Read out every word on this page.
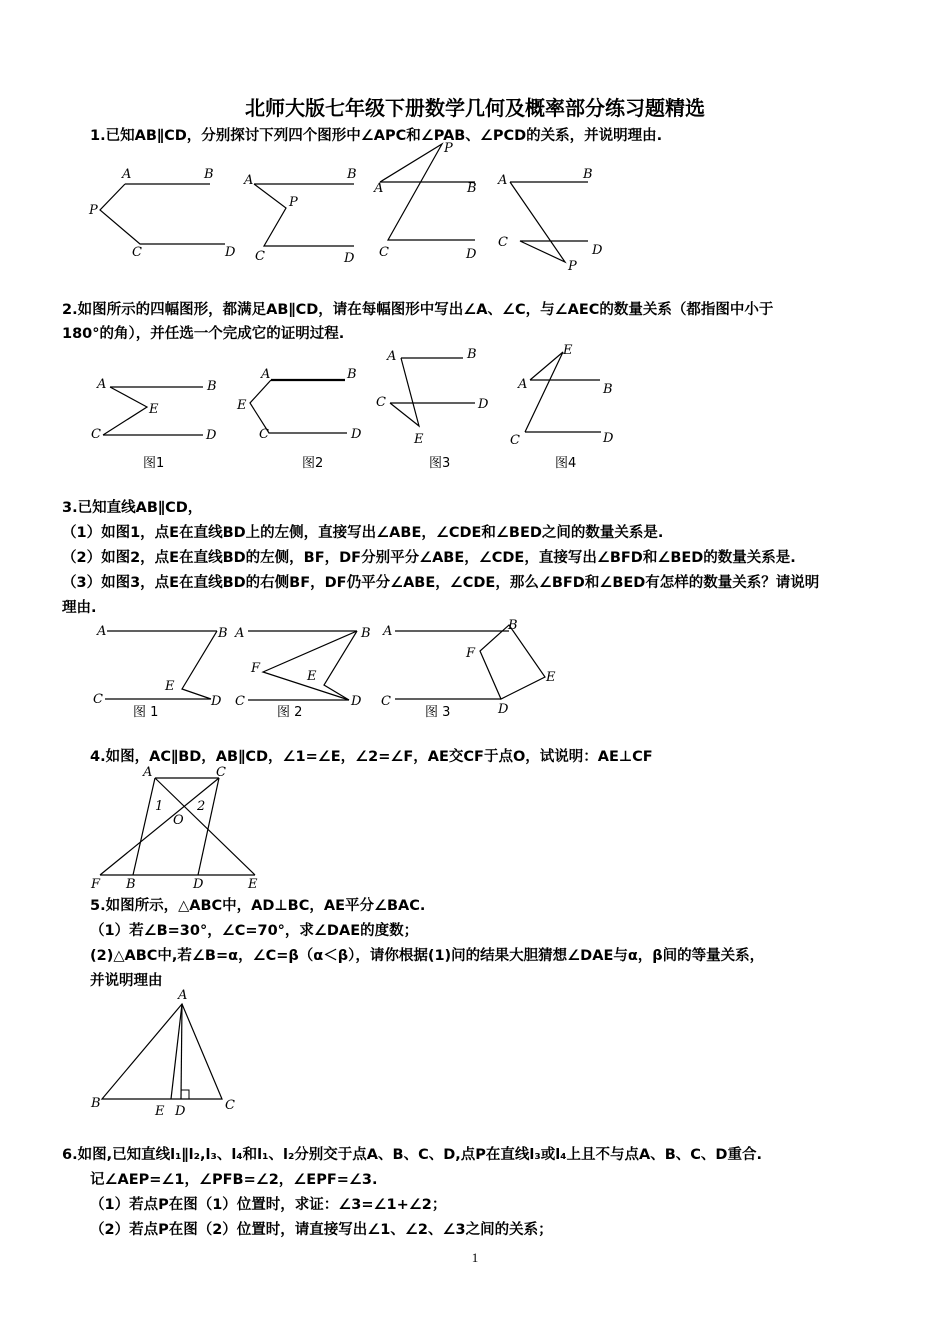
北师大版七年级下册数学几何及概率部分练习题精选
1.已知AB∥CD，分别探讨下列四个图形中∠APC和∠PAB、∠PCD的关系，并说明理由.
A	B
P
C	D
A	B
P
C	D
A	B
P
C	D
A	B
C
D
P
2.如图所示的四幅图形，都满足AB∥CD，请在每幅图形中写出∠A、∠C，与∠AEC的数量关系（都指图中小于
180°的角），并任选一个完成它的证明过程.
A	B
E
C	D
图1
A	B
E
C	D
图2
A	B
C	D
E
图3
A	B
E
C	D
图4
3.已知直线AB∥CD，
（1）如图1，点E在直线BD上的左侧，直接写出∠ABE，∠CDE和∠BED之间的数量关系是.
（2）如图2，点E在直线BD的左侧，BF，DF分别平分∠ABE，∠CDE，直接写出∠BFD和∠BED的数量关系是.
（3）如图3，点E在直线BD的右侧BF，DF仍平分∠ABE，∠CDE，那么∠BFD和∠BED有怎样的数量关系？请说明
理由.
A	B
E
C	D
图 1
A	B
F
E
C	D
图 2
A	B
F
E
C
D
图 3
4.如图，AC∥BD，AB∥CD，∠1=∠E，∠2=∠F，AE交CF于点O，试说明：AE⊥CF
A	C
1	2
O
F B	D	E
5.如图所示，△ABC中，AD⊥BC，AE平分∠BAC.
（1）若∠B=30°，∠C=70°，求∠DAE的度数；
(2)△ABC中,若∠B=α，∠C=β（α＜β），请你根据(1)问的结果大胆猜想∠DAE与α，β间的等量关系，
并说明理由
A
B
E D	C
6.如图,已知直线l₁∥l₂,l₃、l₄和l₁、l₂分别交于点A、B、C、D,点P在直线l₃或l₄上且不与点A、B、C、D重合.
记∠AEP=∠1，∠PFB=∠2，∠EPF=∠3.
（1）若点P在图（1）位置时，求证：∠3=∠1+∠2；
（2）若点P在图（2）位置时，请直接写出∠1、∠2、∠3之间的关系；
1
